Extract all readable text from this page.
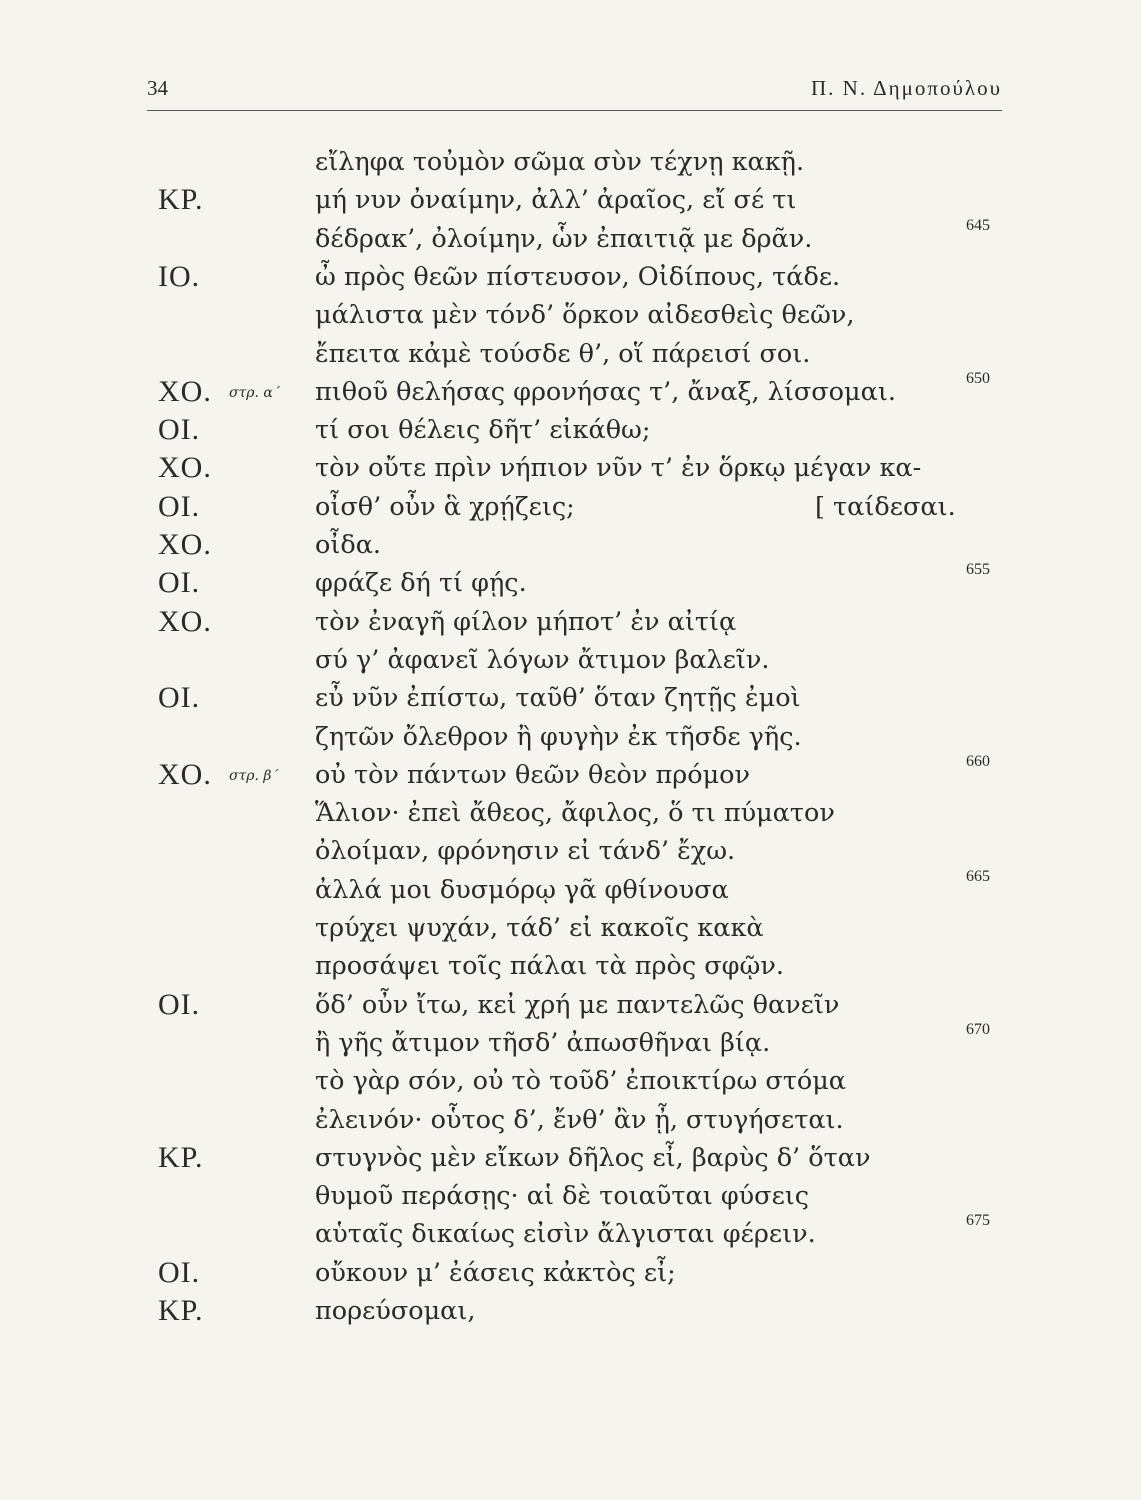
34	Π. Ν. Δημοπούλου
εἴληφα τοὐμὸν σῶμα σὺν τέχνῃ κακῇ.
ΚΡ.	μή νυν ὀναίμην, ἀλλ’ ἀραῖος, εἴ σέ τι
δέδρακ’, ὀλοίμην, ὧν ἐπαιτιᾷ με δρᾶν.	645
ΙΟ.	ὦ πρὸς θεῶν πίστευσον, Οἰδίπους, τάδε.
μάλιστα μὲν τόνδ’ ὅρκον αἰδεσθεὶς θεῶν,
ἔπειτα κἀμὲ τούσδε θ’, οἵ πάρεισί σοι.
ΧΟ. στρ. α΄ πιθοῦ θελήσας φρονήσας τ’, ἄναξ, λίσσομαι.	650
ΟΙ.	τί σοι θέλεις δῆτ’ εἰκάθω;
ΧΟ.	τὸν οὔτε πρὶν νήπιον νῦν τ’ ἐν ὅρκῳ μέγαν κα-
ΟΙ.	οἶσθ’ οὖν ἃ χρῄζεις;	[ ταίδεσαι.
ΧΟ.	οἶδα.
ΟΙ.	φράζε δή τί φῄς.	655
ΧΟ.	τὸν ἐναγῆ φίλον μήποτ’ ἐν αἰτίᾳ
σύ γ’ ἀφανεῖ λόγων ἄτιμον βαλεῖν.
ΟΙ.	εὖ νῦν ἐπίστω, ταῦθ’ ὅταν ζητῇς ἐμοὶ
ζητῶν ὄλεθρον ἢ φυγὴν ἐκ τῆσδε γῆς.
ΧΟ. στρ. β΄ οὐ τὸν πάντων θεῶν θεὸν πρόμον	660
Ἅλιον· ἐπεὶ ἄθεος, ἄφιλος, ὅ τι πύματον
ὀλοίμαν, φρόνησιν εἰ τάνδ’ ἔχω.
ἀλλά μοι δυσμόρῳ γᾶ φθίνουσα	665
τρύχει ψυχάν, τάδ’ εἰ κακοῖς κακὰ
προσάψει τοῖς πάλαι τὰ πρὸς σφῷν.
ΟΙ.	ὅδ’ οὖν ἴτω, κεἰ χρή με παντελῶς θανεῖν
ἢ γῆς ἄτιμον τῆσδ’ ἀπωσθῆναι βίᾳ.	670
τὸ γὰρ σόν, οὐ τὸ τοῦδ’ ἐποικτίρω στόμα
ἐλεινόν· οὗτος δ’, ἔνθ’ ἂν ᾖ, στυγήσεται.
ΚΡ.	στυγνὸς μὲν εἴκων δῆλος εἶ, βαρὺς δ’ ὅταν
θυμοῦ περάσῃς· αἱ δὲ τοιαῦται φύσεις
αὑταῖς δικαίως εἰσὶν ἄλγισται φέρειν.	675
ΟΙ.	οὔκουν μ’ ἐάσεις κἀκτὸς εἶ;
ΚΡ.	πορεύσομαι,
